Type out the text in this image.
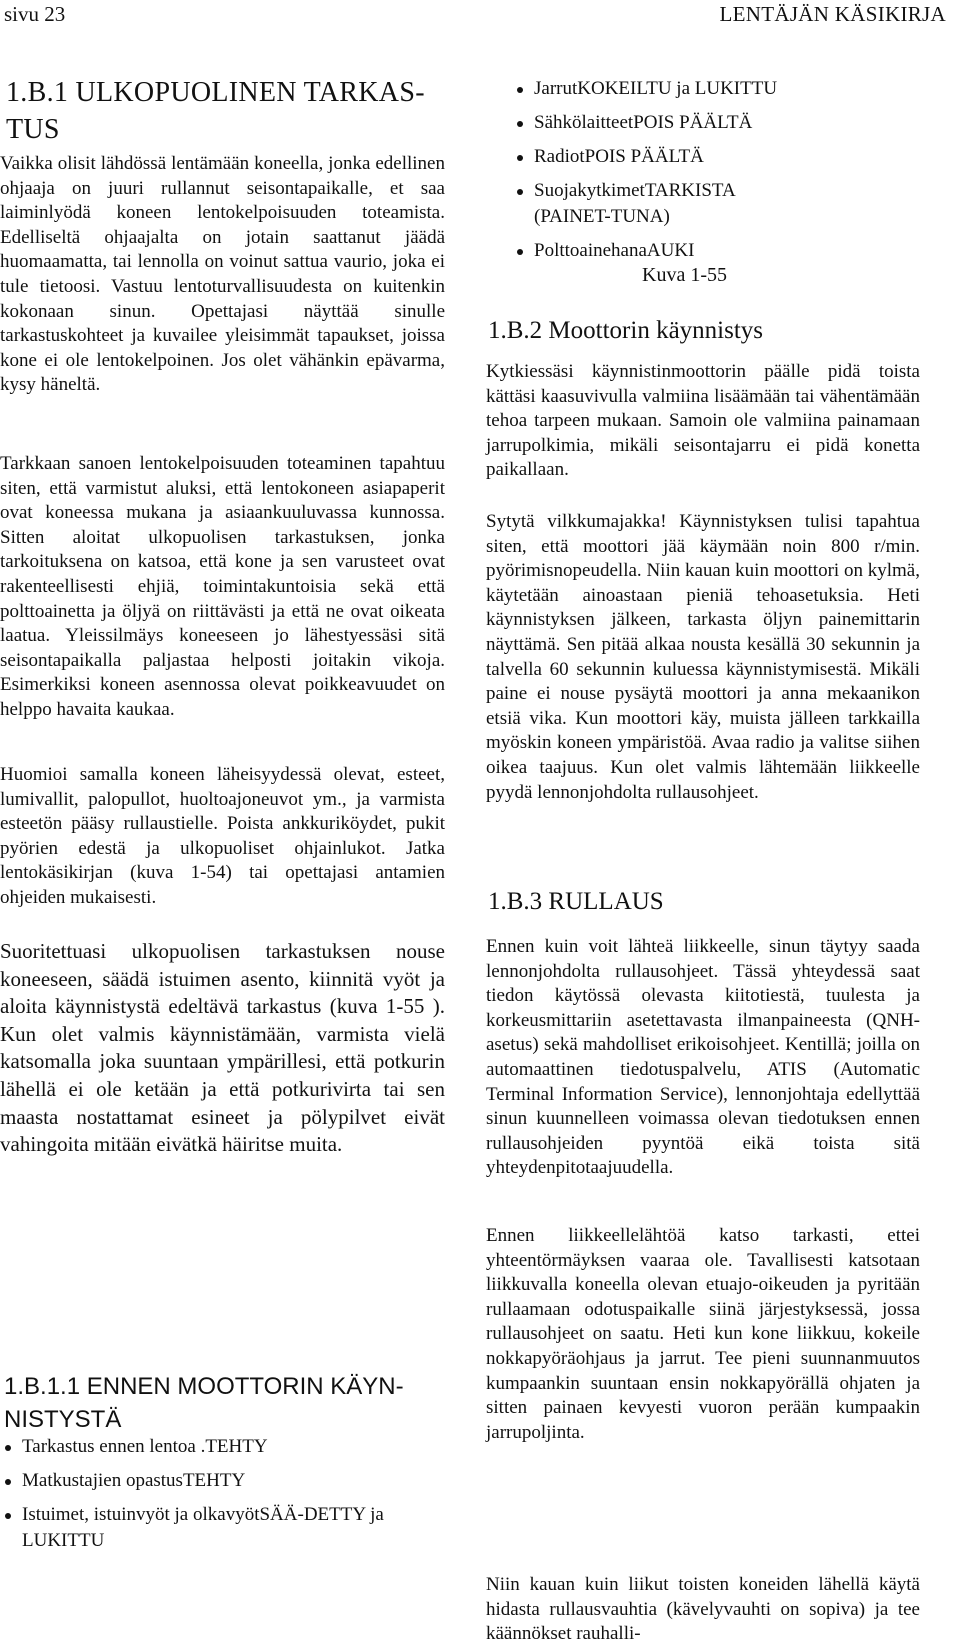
sivu 23	LENTÄJÄN KÄSIKIRJA
1.B.1 ULKOPUOLINEN TARKAS-TUS
Vaikka olisit lähdössä lentämään koneella, jonka edellinen ohjaaja on juuri rullannut seisontapaikalle, et saa laiminlyödä koneen lentokelpoisuuden toteamista. Edelliseltä ohjaajalta on jotain saattanut jäädä huomaamatta, tai lennolla on voinut sattua vaurio, joka ei tule tietoosi. Vastuu lentoturvallisuudesta on kuitenkin kokonaan sinun. Opettajasi näyttää sinulle tarkastuskohteet ja kuvailee yleisimmät tapaukset, joissa kone ei ole lentokelpoinen. Jos olet vähänkin epävarma, kysy häneltä.
Tarkkaan sanoen lentokelpoisuuden toteaminen tapahtuu siten, että varmistut aluksi, että lentokoneen asiapaperit ovat koneessa mukana ja asiaankuuluvassa kunnossa. Sitten aloitat ulkopuolisen tarkastuksen, jonka tarkoituksena on katsoa, että kone ja sen varusteet ovat rakenteellisesti ehjiä, toimintakuntoisia sekä että polttoainetta ja öljyä on riittävästi ja että ne ovat oikeata laatua. Yleissilmäys koneeseen jo lähestyessäsi sitä seisontapaikalla paljastaa helposti joitakin vikoja. Esimerkiksi koneen asennossa olevat poikkeavuudet on helppo havaita kaukaa.
Huomioi samalla koneen läheisyydessä olevat, esteet, lumivallit, palopullot, huoltoajoneuvot ym., ja varmista esteetön pääsy rullaustielle. Poista ankkuriköydet, pukit pyörien edestä ja ulkopuoliset ohjainlukot. Jatka lentokäsikirjan (kuva 1-54) tai opettajasi antamien ohjeiden mukaisesti.
Suoritettuasi ulkopuolisen tarkastuksen nouse koneeseen, säädä istuimen asento, kiinnitä vyöt ja aloita käynnistystä edeltävä tarkastus (kuva 1-55 ). Kun olet valmis käynnistämään, varmista vielä katsomalla joka suuntaan ympärillesi, että potkurin lähellä ei ole ketään ja että potkurivirta tai sen maasta nostattamat esineet ja pölypilvet eivät vahingoita mitään eivätkä häiritse muita.
1.B.1.1 ENNEN MOOTTORIN KÄYN-NISTYSTÄ
Tarkastus ennen lentoa .TEHTY
Matkustajien opastusTEHTY
Istuimet, istuinvyöt ja olkavyötSÄÄ-DETTY ja LUKITTU
JarrutKOKEILTU ja LUKITTU
SähkölaitteetPOIS PÄÄLTÄ
RadiotPOIS PÄÄLTÄ
SuojakytkimetTARKISTA (PAINET-TUNA)
PolttoainehanaAUKI
Kuva 1-55
1.B.2 Moottorin käynnistys
Kytkiessäsi käynnistinmoottorin päälle pidä toista kättäsi kaasuvivulla valmiina lisäämään tai vähentämään tehoa tarpeen mukaan. Samoin ole valmiina painamaan jarrupolkimia, mikäli seisontajarru ei pidä konetta paikallaan.
Sytytä vilkkumajakka! Käynnistyksen tulisi tapahtua siten, että moottori jää käymään noin 800 r/min. pyörimisnopeudella. Niin kauan kuin moottori on kylmä, käytetään ainoastaan pieniä tehoasetuksia. Heti käynnistyksen jälkeen, tarkasta öljyn painemittarin näyttämä. Sen pitää alkaa nousta kesällä 30 sekunnin ja talvella 60 sekunnin kuluessa käynnistymisestä. Mikäli paine ei nouse pysäytä moottori ja anna mekaanikon etsiä vika. Kun moottori käy, muista jälleen tarkkailla myöskin koneen ympäristöä. Avaa radio ja valitse siihen oikea taajuus. Kun olet valmis lähtemään liikkeelle pyydä lennonjohdolta rullausohjeet.
1.B.3 RULLAUS
Ennen kuin voit lähteä liikkeelle, sinun täytyy saada lennonjohdolta rullausohjeet. Tässä yhteydessä saat tiedon käytössä olevasta kiitotiestä, tuulesta ja korkeusmittariin asetettavasta ilmanpaineesta (QNH-asetus) sekä mahdolliset erikoisohjeet. Kentillä; joilla on automaattinen tiedotuspalvelu, ATIS (Automatic Terminal Information Service), lennonjohtaja edellyttää sinun kuunnelleen voimassa olevan tiedotuksen ennen rullausohjeiden pyyntöä eikä toista sitä yhteydenpitotaajuudella.
Ennen liikkeellelähtöä katso tarkasti, ettei yhteentörmäyksen vaaraa ole. Tavallisesti katsotaan liikkuvalla koneella olevan etuajo-oikeuden ja pyritään rullaamaan odotuspaikalle siinä järjestyksessä, jossa rullausohjeet on saatu. Heti kun kone liikkuu, kokeile nokkapyöräohjaus ja jarrut. Tee pieni suunnanmuutos kumpaankin suuntaan ensin nokkapyörällä ohjaten ja sitten painaen kevyesti vuoron perään kumpaakin jarrupoljinta.
Niin kauan kuin liikut toisten koneiden lähellä käytä hidasta rullausvauhtia (kävelyvauhti on sopiva) ja tee käännökset rauhalli-
